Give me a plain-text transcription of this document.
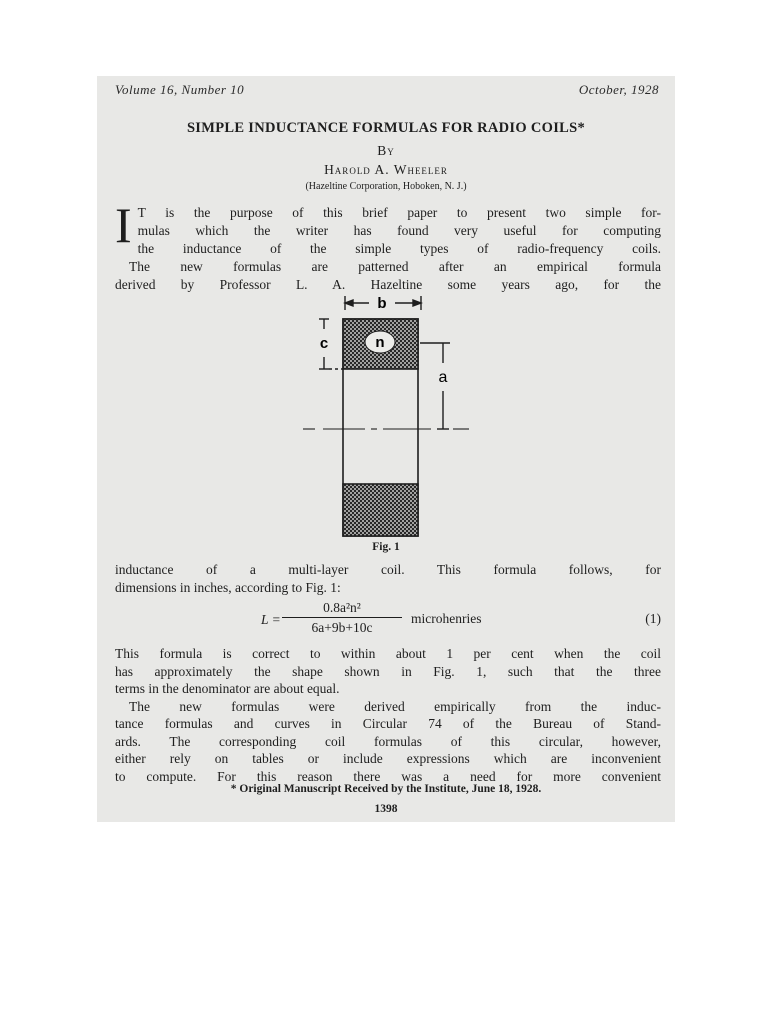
Volume 16, Number 10	October, 1928
SIMPLE INDUCTANCE FORMULAS FOR RADIO COILS*
By
Harold A. Wheeler
(Hazeltine Corporation, Hoboken, N. J.)
I T is the purpose of this brief paper to present two simple for-
mulas which the writer has found very useful for computing
the inductance of the simple types of radio-frequency coils.
The new formulas are patterned after an empirical formula
derived by Professor L. A. Hazeltine some years ago, for the
n
b
c
a
Fig. 1
inductance of a multi-layer coil. This formula follows, for
dimensions in inches, according to Fig. 1:
$L = \frac{\text{0.8a²n²}}{6a+9b+10c}$ microhenries	(1)
This formula is correct to within about 1 per cent when the coil
has approximately the shape shown in Fig. 1, such that the three
terms in the denominator are about equal.
The new formulas were derived empirically from the induc-
tance formulas and curves in Circular 74 of the Bureau of Stand-
ards. The corresponding coil formulas of this circular, however,
either rely on tables or include expressions which are inconvenient
to compute. For this reason there was a need for more convenient
* Original Manuscript Received by the Institute, June 18, 1928.
1398
